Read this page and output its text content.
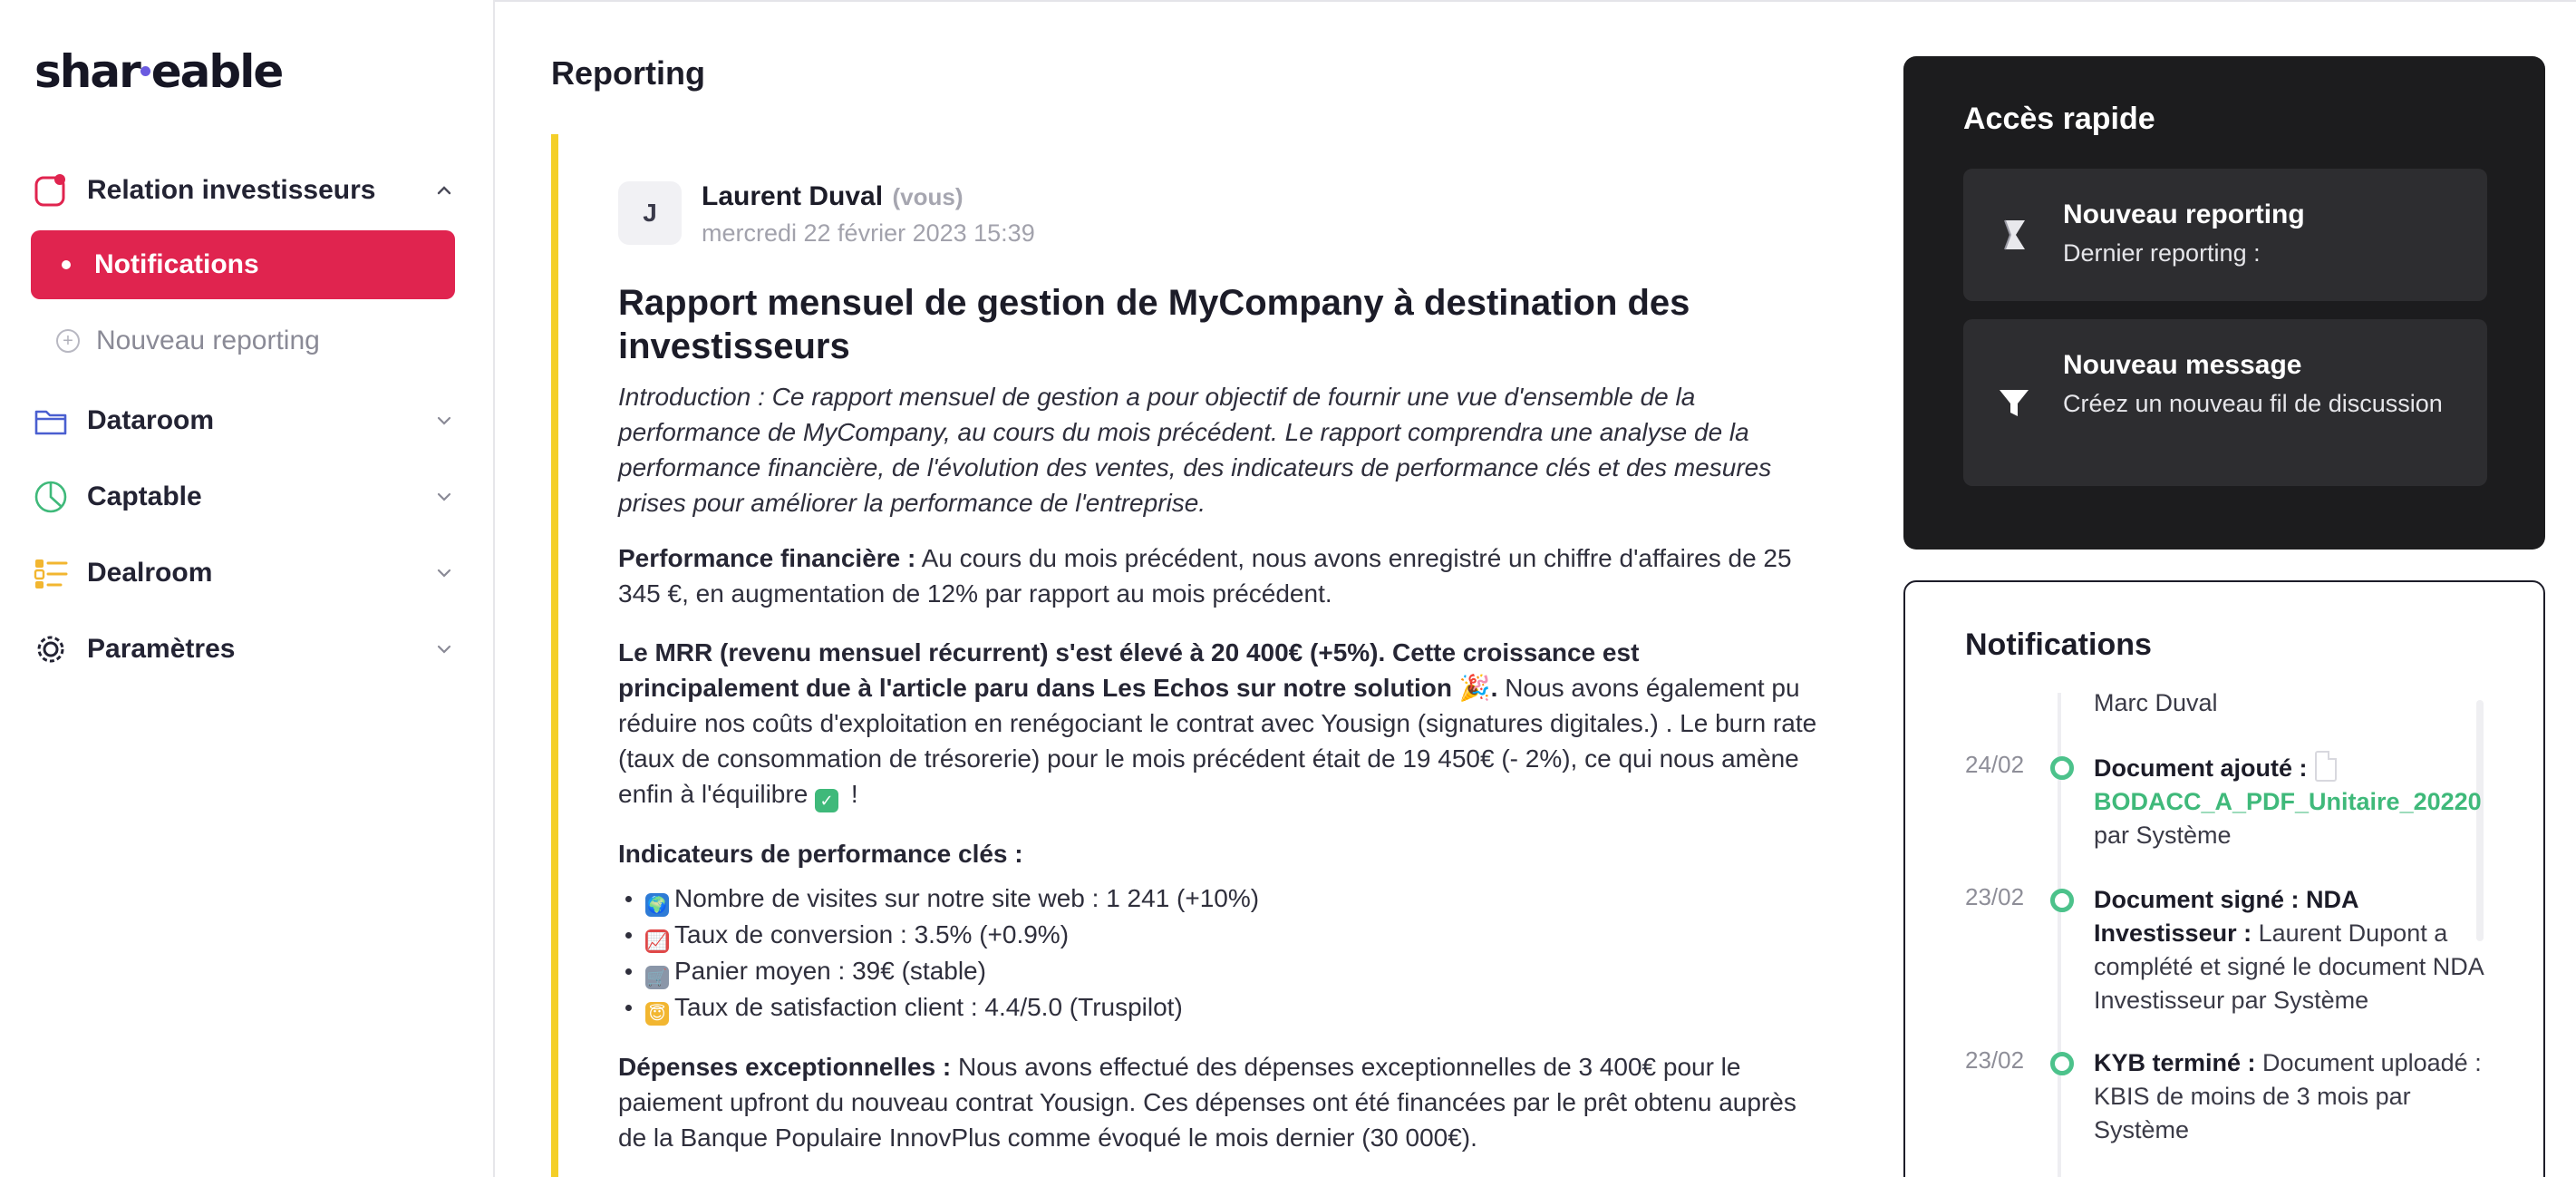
shar eable
Relation investisseurs
Notifications
+ Nouveau reporting
Dataroom
Captable
Dealroom
Paramètres
Reporting
J
Laurent Duval (vous)
mercredi 22 février 2023 15:39
Rapport mensuel de gestion de MyCompany à destination des investisseurs

Introduction : Ce rapport mensuel de gestion a pour objectif de fournir une vue d'ensemble de la performance de MyCompany, au cours du mois précédent. Le rapport comprendra une analyse de la performance financière, de l'évolution des ventes, des indicateurs de performance clés et des mesures prises pour améliorer la performance de l'entreprise.

Performance financière : Au cours du mois précédent, nous avons enregistré un chiffre d'affaires de 25 345 €, en augmentation de 12% par rapport au mois précédent.

Le MRR (revenu mensuel récurrent) s'est élevé à 20 400€ (+5%). Cette croissance est principalement due à l'article paru dans Les Echos sur notre solution 🎉. Nous avons également pu réduire nos coûts d'exploitation en renégociant le contrat avec Yousign (signatures digitales.) . Le burn rate (taux de consommation de trésorerie) pour le mois précédent était de 19 450€ (- 2%), ce qui nous amène enfin à l'équilibre ✓ !

Indicateurs de performance clés :

🌍 Nombre de visites sur notre site web : 1 241 (+10%)
📈 Taux de conversion : 3.5% (+0.9%)
🛒 Panier moyen : 39€ (stable)
😇 Taux de satisfaction client : 4.4/5.0 (Truspilot)

Dépenses exceptionnelles : Nous avons effectué des dépenses exceptionnelles de 3 400€ pour le paiement upfront du nouveau contrat Yousign. Ces dépenses ont été financées par le prêt obtenu auprès de la Banque Populaire InnovPlus comme évoqué le mois dernier (30 000€).

Accès rapide
Nouveau reporting
Dernier reporting :
Nouveau message
Créez un nouveau fil de discussion
Notifications
Marc Duval
24/02	Document ajouté :
BODACC_A_PDF_Unitaire_20220
par Système
23/02	Document signé : NDA Investisseur : Laurent Dupont a complété et signé le document NDA Investisseur par Système
23/02	KYB terminé : Document uploadé : KBIS de moins de 3 mois par Système
